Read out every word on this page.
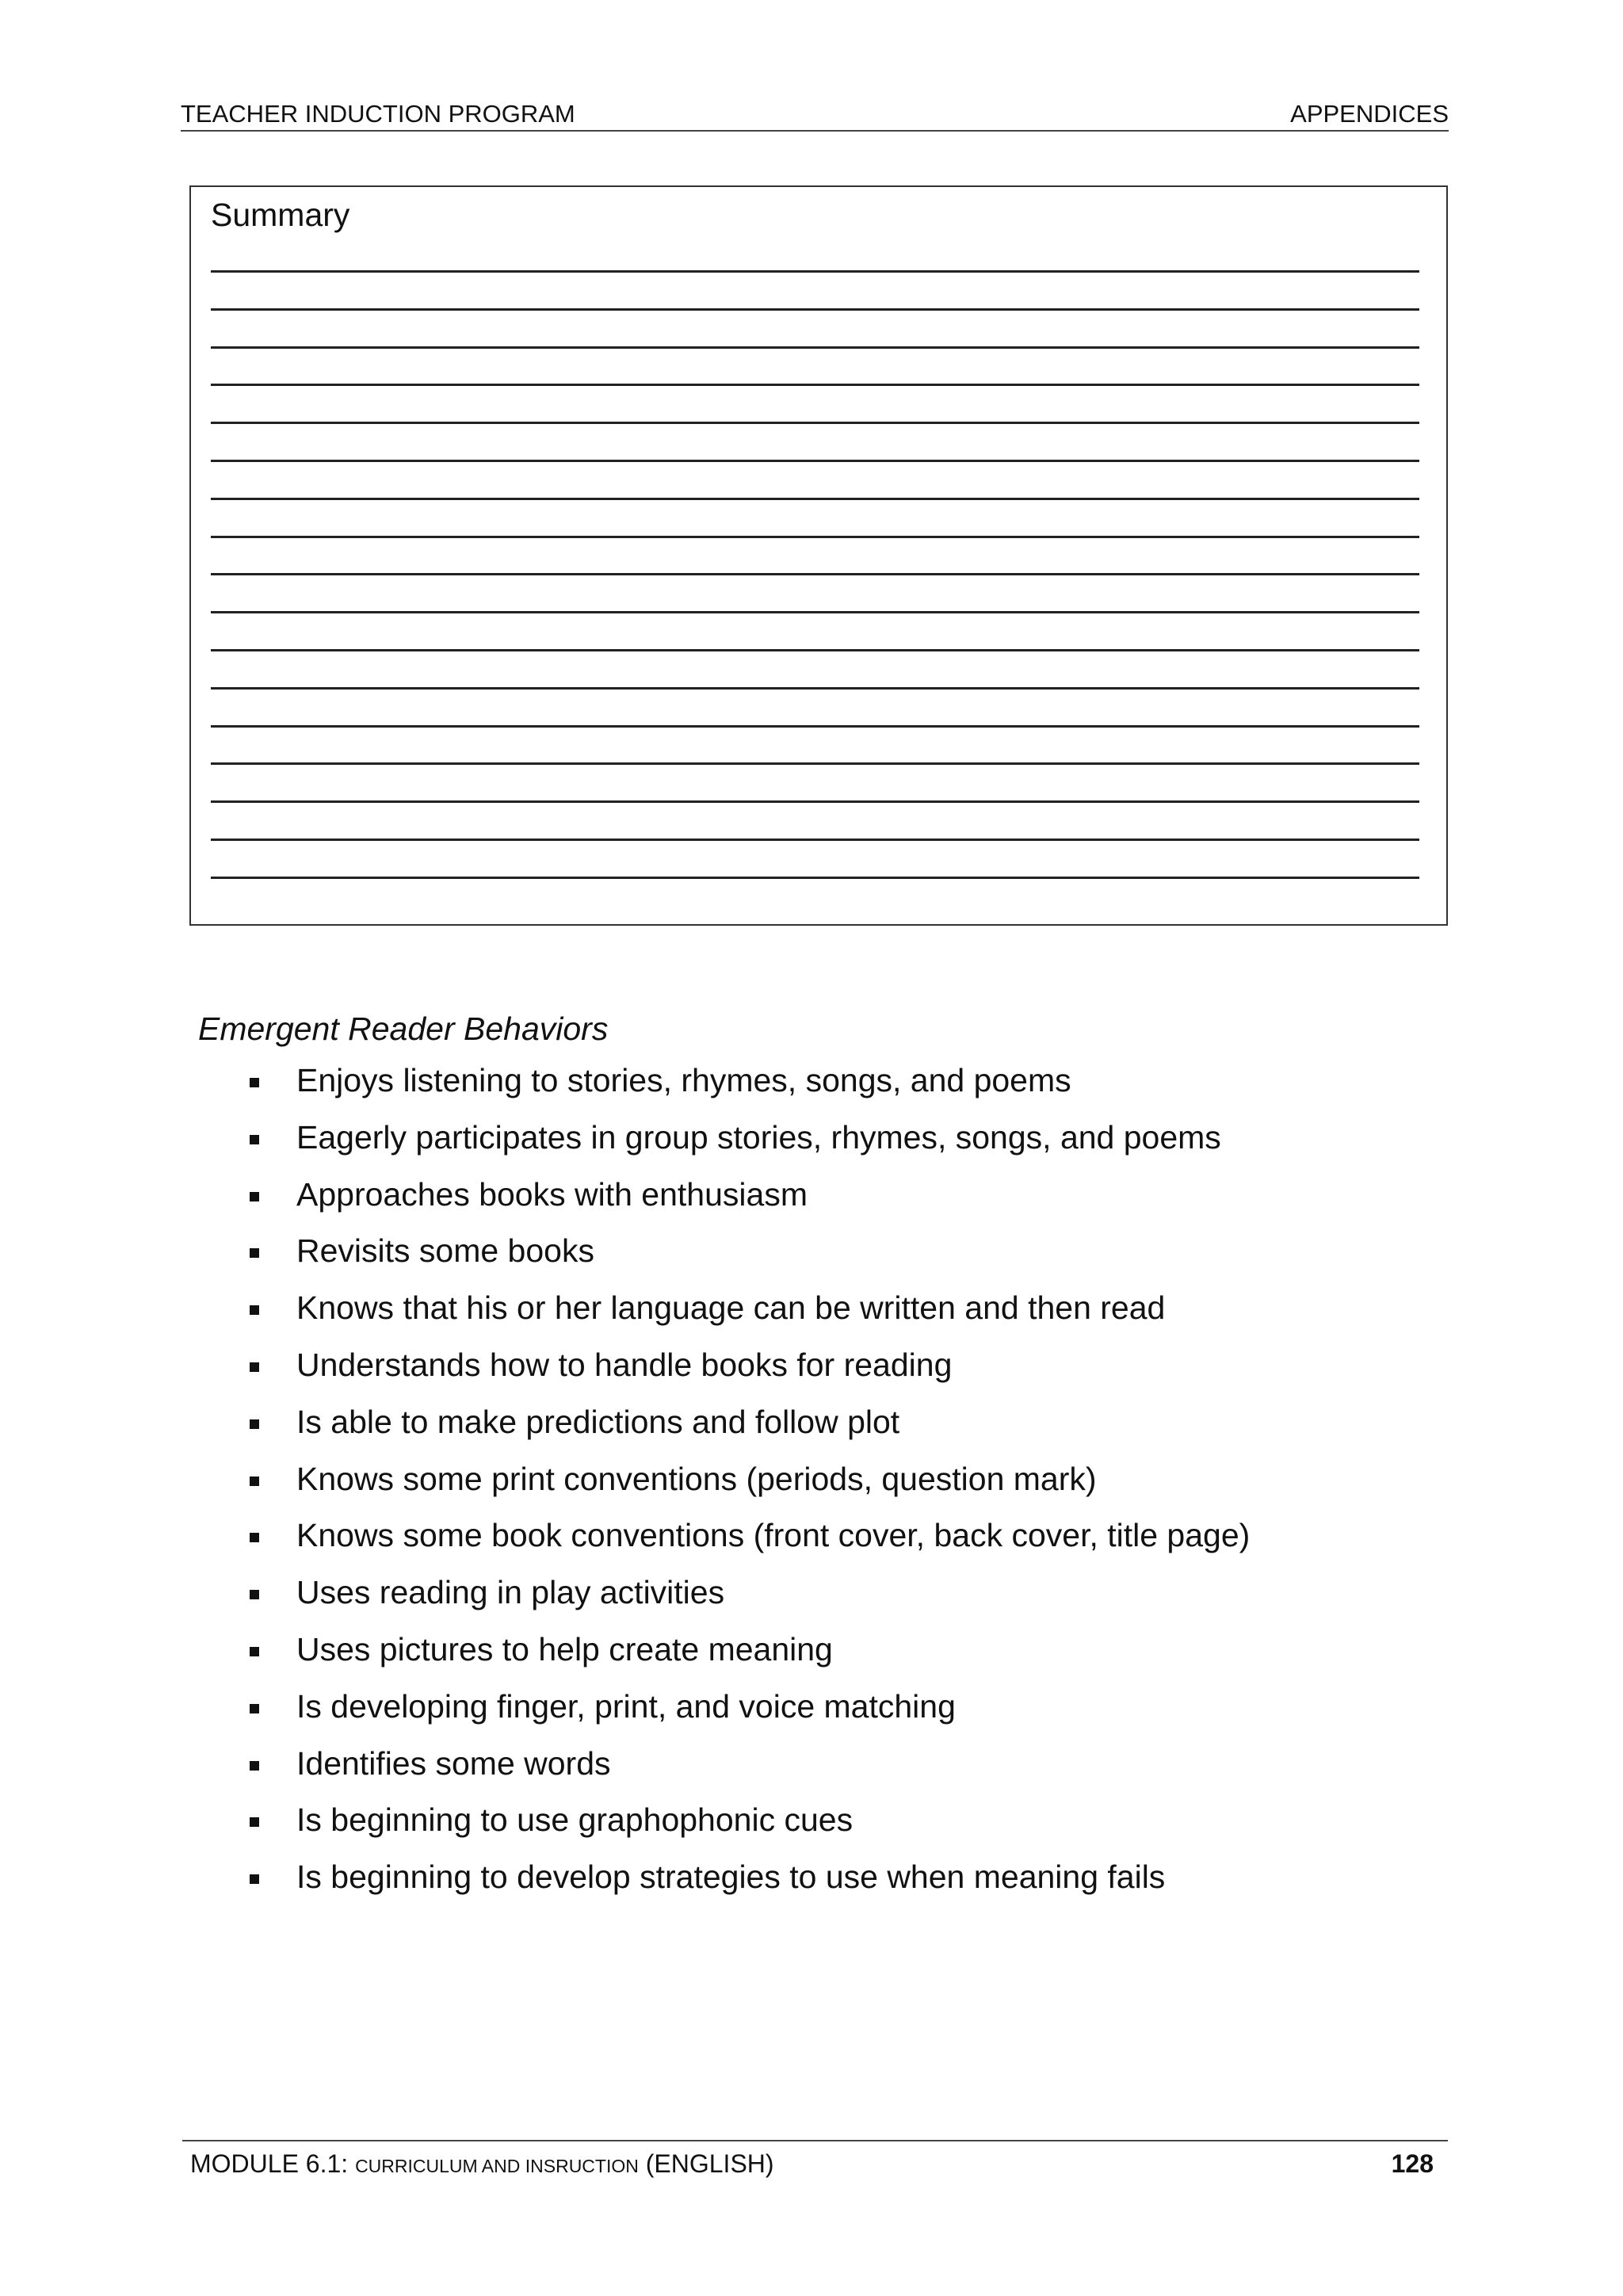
TEACHER INDUCTION PROGRAM	APPENDICES
Summary
Emergent Reader Behaviors
Enjoys listening to stories, rhymes, songs, and poems
Eagerly participates in group stories, rhymes, songs, and poems
Approaches books with enthusiasm
Revisits some books
Knows that his or her language can be written and then read
Understands how to handle books for reading
Is able to make predictions and follow plot
Knows some print conventions (periods, question mark)
Knows some book conventions (front cover, back cover, title page)
Uses reading in play activities
Uses pictures to help create meaning
Is developing finger, print, and voice matching
Identifies some words
Is beginning to use graphophonic cues
Is beginning to develop strategies to use when meaning fails
MODULE 6.1: CURRICULUM AND INSRUCTION (ENGLISH)	128
